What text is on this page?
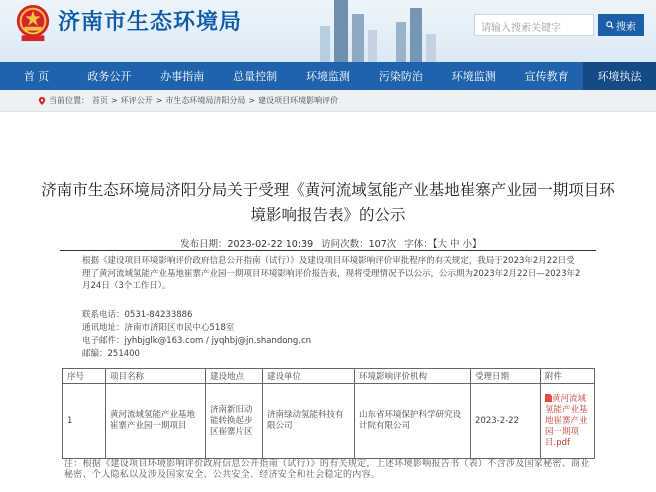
济南市生态环境局	请输入搜索关键字	搜索
首 页	政务公开	办事指南	总量控制	环境监测	污染防治	环境监测	宣传教育	环境执法
当前位置： 首页 > 环评公开 > 市生态环境局济阳分局 > 建设项目环境影响评价
济南市生态环境局济阳分局关于受理《黄河流域氢能产业基地崔寨产业园一期项目环境影响报告表》的公示
发布日期：2023-02-22 10:39 访问次数：107次 字体：【大 中 小】
根据《建设项目环境影响评价政府信息公开指南（试行）》及建设项目环境影响评价审批程序的有关规定，我局于2023年2月22日受理了黄河流域氢能产业基地崔寨产业园一期项目环境影响评价报告表，现将受理情况予以公示，公示期为2023年2月22日—2023年2月24日（3个工作日）。
联系电话：0531-84233886
通讯地址：济南市济阳区市民中心518室
电子邮件：jyhbjglk@163.com / jyqhbj@jn.shandong.cn
邮编：251400
序号	项目名称	建设地点	建设单位	环境影响评价机构	受理日期	附件
1	黄河流域氢能产业基地崔寨产业园一期项目	济南新旧动能转换起步区崔寨片区	济南绿动氢能科技有限公司	山东省环境保护科学研究设计院有限公司	2023-2-22	黄河流域氢能产业基地崔寨产业园一期项目.pdf
注：根据《建设项目环境影响评价政府信息公开指南（试行）》的有关规定，上述环境影响报告书（表）不含涉及国家秘密、商业秘密、个人隐私以及涉及国家安全、公共安全、经济安全和社会稳定的内容。
